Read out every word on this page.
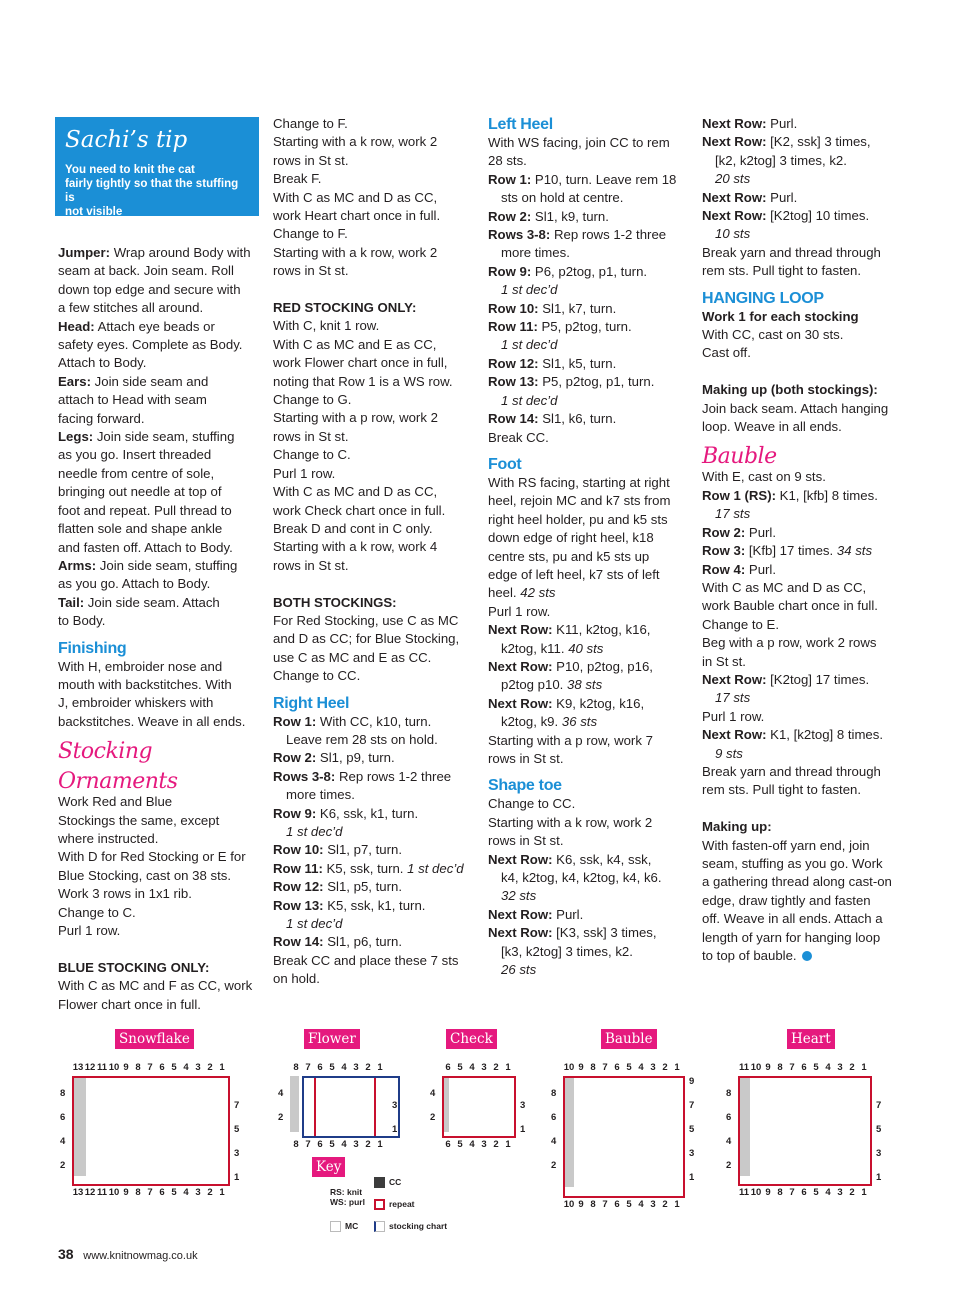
Sachi’s tip
You need to knit the cat
fairly tightly so that the stuffing is
not visible
Jumper: Wrap around Body with
seam at back. Join seam. Roll
down top edge and secure with
a few stitches all around.
Head: Attach eye beads or
safety eyes. Complete as Body.
Attach to Body.
Ears: Join side seam and
attach to Head with seam
facing forward.
Legs: Join side seam, stuffing
as you go. Insert threaded
needle from centre of sole,
bringing out needle at top of
foot and repeat. Pull thread to
flatten sole and shape ankle
and fasten off. Attach to Body.
Arms: Join side seam, stuffing
as you go. Attach to Body.
Tail: Join side seam. Attach
to Body.
Finishing
With H, embroider nose and
mouth with backstitches. With
J, embroider whiskers with
backstitches. Weave in all ends.
Stocking Ornaments
Work Red and Blue
Stockings the same, except
where instructed.
With D for Red Stocking or E for
Blue Stocking, cast on 38 sts.
Work 3 rows in 1x1 rib.
Change to C.
Purl 1 row.
BLUE STOCKING ONLY:
With C as MC and F as CC, work
Flower chart once in full.
Change to F.
Starting with a k row, work 2
rows in St st.
Break F.
With C as MC and D as CC,
work Heart chart once in full.
Change to F.
Starting with a k row, work 2
rows in St st.
RED STOCKING ONLY:
With C, knit 1 row.
With C as MC and E as CC,
work Flower chart once in full,
noting that Row 1 is a WS row.
Change to G.
Starting with a p row, work 2
rows in St st.
Change to C.
Purl 1 row.
With C as MC and D as CC,
work Check chart once in full.
Break D and cont in C only.
Starting with a k row, work 4
rows in St st.
BOTH STOCKINGS:
For Red Stocking, use C as MC
and D as CC; for Blue Stocking,
use C as MC and E as CC.
Change to CC.
Right Heel
Row 1: With CC, k10, turn.
Leave rem 28 sts on hold.
Row 2: Sl1, p9, turn.
Rows 3-8: Rep rows 1-2 three
more times.
Row 9: K6, ssk, k1, turn.
1 st dec’d
Row 10: Sl1, p7, turn.
Row 11: K5, ssk, turn. 1 st dec’d
Row 12: Sl1, p5, turn.
Row 13: K5, ssk, k1, turn.
1 st dec’d
Row 14: Sl1, p6, turn.
Break CC and place these 7 sts
on hold.
Left Heel
With WS facing, join CC to rem
28 sts.
Row 1: P10, turn. Leave rem 18
sts on hold at centre.
Row 2: Sl1, k9, turn.
Rows 3-8: Rep rows 1-2 three
more times.
Row 9: P6, p2tog, p1, turn.
1 st dec’d
Row 10: Sl1, k7, turn.
Row 11: P5, p2tog, turn.
1 st dec’d
Row 12: Sl1, k5, turn.
Row 13: P5, p2tog, p1, turn.
1 st dec’d
Row 14: Sl1, k6, turn.
Break CC.
Foot
With RS facing, starting at right
heel, rejoin MC and k7 sts from
right heel holder, pu and k5 sts
down edge of right heel, k18
centre sts, pu and k5 sts up
edge of left heel, k7 sts of left
heel. 42 sts
Purl 1 row.
Next Row: K11, k2tog, k16,
k2tog, k11. 40 sts
Next Row: P10, p2tog, p16,
p2tog p10. 38 sts
Next Row: K9, k2tog, k16,
k2tog, k9. 36 sts
Starting with a p row, work 7
rows in St st.
Shape toe
Change to CC.
Starting with a k row, work 2
rows in St st.
Next Row: K6, ssk, k4, ssk,
k4, k2tog, k4, k2tog, k4, k6.
32 sts
Next Row: Purl.
Next Row: [K3, ssk] 3 times,
[k3, k2tog] 3 times, k2.
26 sts
Next Row: Purl.
Next Row: [K2, ssk] 3 times,
[k2, k2tog] 3 times, k2.
20 sts
Next Row: Purl.
Next Row: [K2tog] 10 times.
10 sts
Break yarn and thread through
rem sts. Pull tight to fasten.
HANGING LOOP
Work 1 for each stocking
With CC, cast on 30 sts.
Cast off.
Making up (both stockings):
Join back seam. Attach hanging
loop. Weave in all ends.
Bauble
With E, cast on 9 sts.
Row 1 (RS): K1, [kfb] 8 times.
17 sts
Row 2: Purl.
Row 3: [Kfb] 17 times. 34 sts
Row 4: Purl.
With C as MC and D as CC,
work Bauble chart once in full.
Change to E.
Beg with a p row, work 2 rows
in St st.
Next Row: [K2tog] 17 times.
17 sts
Purl 1 row.
Next Row: K1, [k2tog] 8 times.
9 sts
Break yarn and thread through
rem sts. Pull tight to fasten.
Making up:
With fasten-off yarn end, join
seam, stuffing as you go. Work
a gathering thread along cast-on
edge, draw tightly and fasten
off. Weave in all ends. Attach a
length of yarn for hanging loop
to top of bauble.
Snowflake	Flower	Check	Bauble	Heart
1312 11 10 9 8 7 6 5 4 3 2 1

8
6
4
2
7
5
3
1
1312 11 10 9 8 7 6 5 4 3 2 1
8 7 6 5 4 3 2 1

4
2
3
1
8 7 6 5 4 3 2 1
6 5 4 3 2 1

4
2
3
1
6 5 4 3 2 1
10 9 8 7 6 5 4 3 2 1

8
6
4
2
9
7
5
3
1
10 9 8 7 6 5 4 3 2 1
11 10 9 8 7 6 5 4 3 2 1

8
6
4
2
7
5
3
1
11 10 9 8 7 6 5 4 3 2 1
Key
CC
RS: knit
WS: purl	repeat
MC	stocking chart
38 www.knitnowmag.co.uk
